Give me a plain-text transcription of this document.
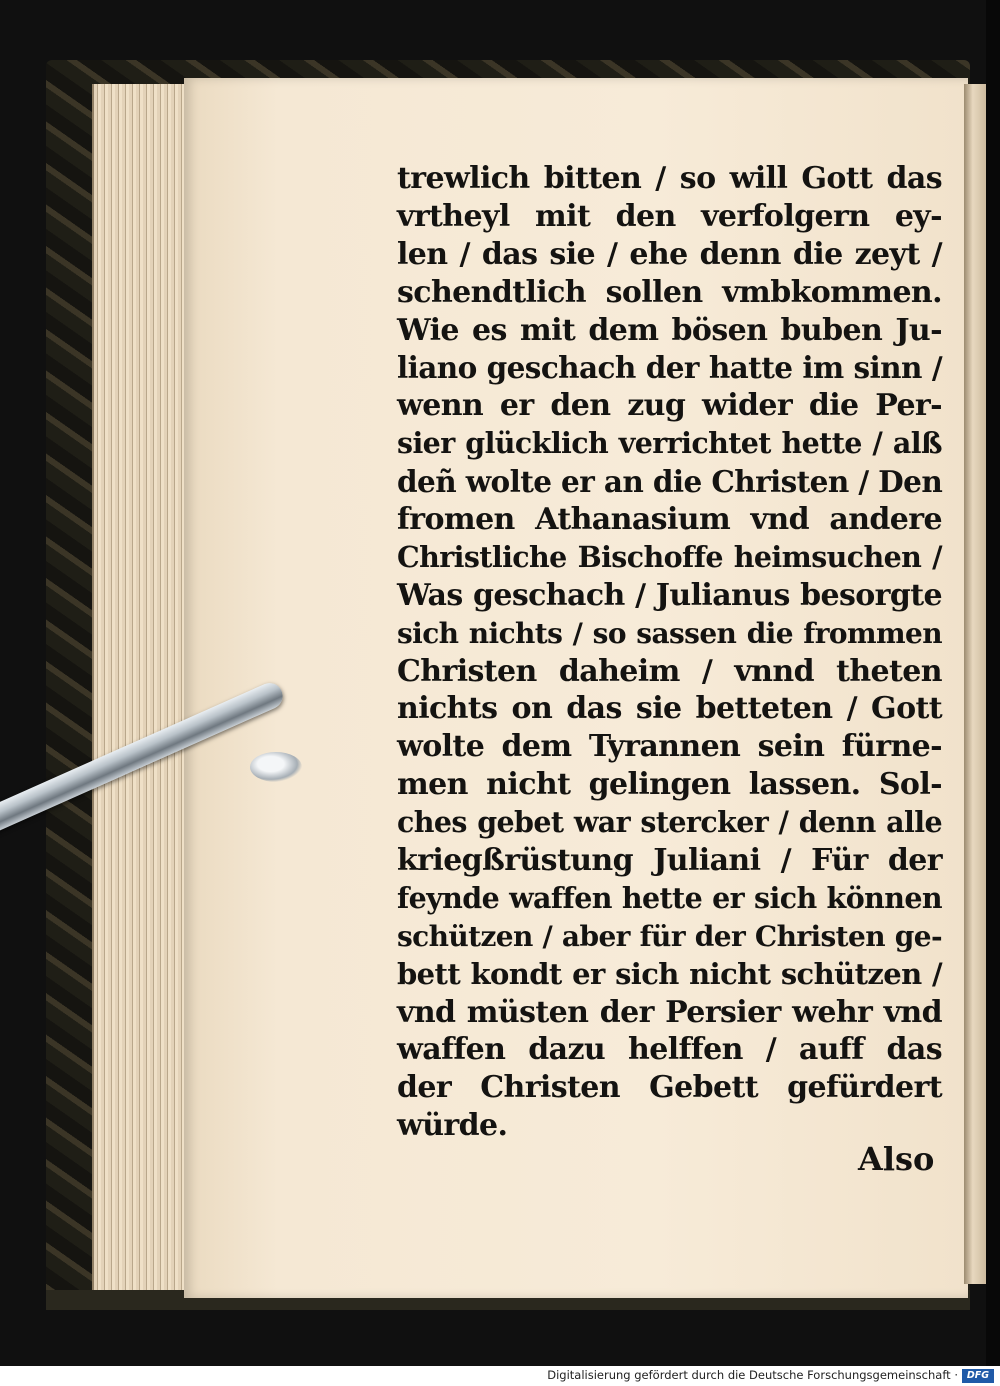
trewlich bitten / so will Gott das
vrtheyl mit den verfolgern ey-
len / das sie / ehe denn die zeyt /
schendtlich sollen vmbkommen.
Wie es mit dem bösen buben Ju-
liano geschach der hatte im sinn /
wenn er den zug wider die Per-
sier glücklich verrichtet hette / alß
deñ wolte er an die Christen / Den
fromen Athanasium vnd andere
Christliche Bischoffe heimsuchen /
Was geschach / Julianus besorgte
sich nichts / so sassen die frommen
Christen daheim / vnnd theten
nichts on das sie betteten / Gott
wolte dem Tyrannen sein fürne-
men nicht gelingen lassen. Sol-
ches gebet war stercker / denn alle
kriegßrüstung Juliani / Für der
feynde waffen hette er sich können
schützen / aber für der Christen ge-
bett kondt er sich nicht schützen /
vnd müsten der Persier wehr vnd
waffen dazu helffen / auff das
der Christen Gebett gefürdert
würde.
Also
Digitalisierung gefördert durch die Deutsche Forschungsgemeinschaft · DFG
